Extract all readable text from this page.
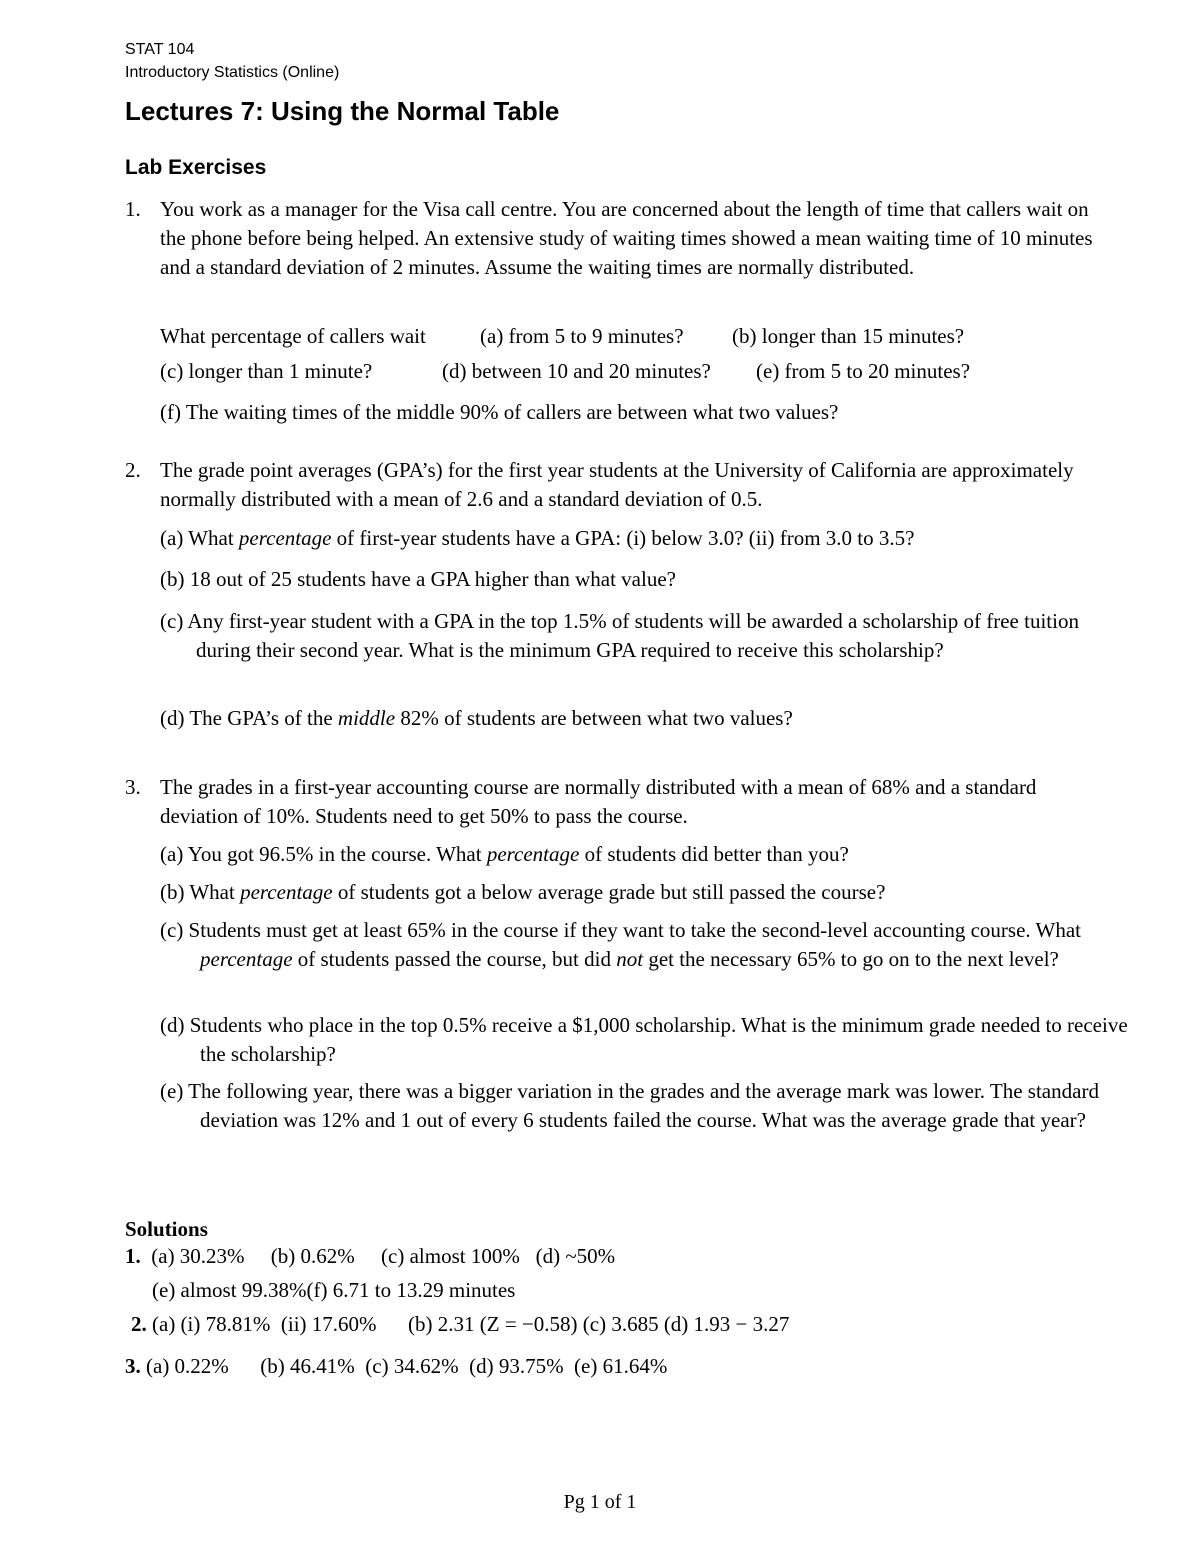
STAT 104
Introductory Statistics (Online)
Lectures 7: Using the Normal Table
Lab Exercises
1. You work as a manager for the Visa call centre. You are concerned about the length of time that callers wait on the phone before being helped. An extensive study of waiting times showed a mean waiting time of 10 minutes and a standard deviation of 2 minutes. Assume the waiting times are normally distributed.
What percentage of callers wait	(a) from 5 to 9 minutes? (b) longer than 15 minutes?
(c) longer than 1 minute?	(d) between 10 and 20 minutes? (e) from 5 to 20 minutes?
(f) The waiting times of the middle 90% of callers are between what two values?
2. The grade point averages (GPA’s) for the first year students at the University of California are approximately normally distributed with a mean of 2.6 and a standard deviation of 0.5.
(a) What percentage of first-year students have a GPA: (i) below 3.0? (ii) from 3.0 to 3.5?
(b) 18 out of 25 students have a GPA higher than what value?
(c) Any first-year student with a GPA in the top 1.5% of students will be awarded a scholarship of free tuition during their second year. What is the minimum GPA required to receive this scholarship?
(d) The GPA’s of the middle 82% of students are between what two values?
3. The grades in a first-year accounting course are normally distributed with a mean of 68% and a standard deviation of 10%. Students need to get 50% to pass the course.
(a) You got 96.5% in the course. What percentage of students did better than you?
(b) What percentage of students got a below average grade but still passed the course?
(c) Students must get at least 65% in the course if they want to take the second-level accounting course. What percentage of students passed the course, but did not get the necessary 65% to go on to the next level?
(d) Students who place in the top 0.5% receive a $1,000 scholarship. What is the minimum grade needed to receive the scholarship?
(e) The following year, there was a bigger variation in the grades and the average mark was lower. The standard deviation was 12% and 1 out of every 6 students failed the course. What was the average grade that year?
Solutions
1. (a) 30.23%     (b) 0.62%     (c) almost 100%   (d) ~50%
(e) almost 99.38%(f) 6.71 to 13.29 minutes
2. (a) (i) 78.81%  (ii) 17.60%      (b) 2.31 (Z = −0.58) (c) 3.685 (d) 1.93 − 3.27
3. (a) 0.22%      (b) 46.41%  (c) 34.62%  (d) 93.75%  (e) 61.64%
Pg 1 of 1
